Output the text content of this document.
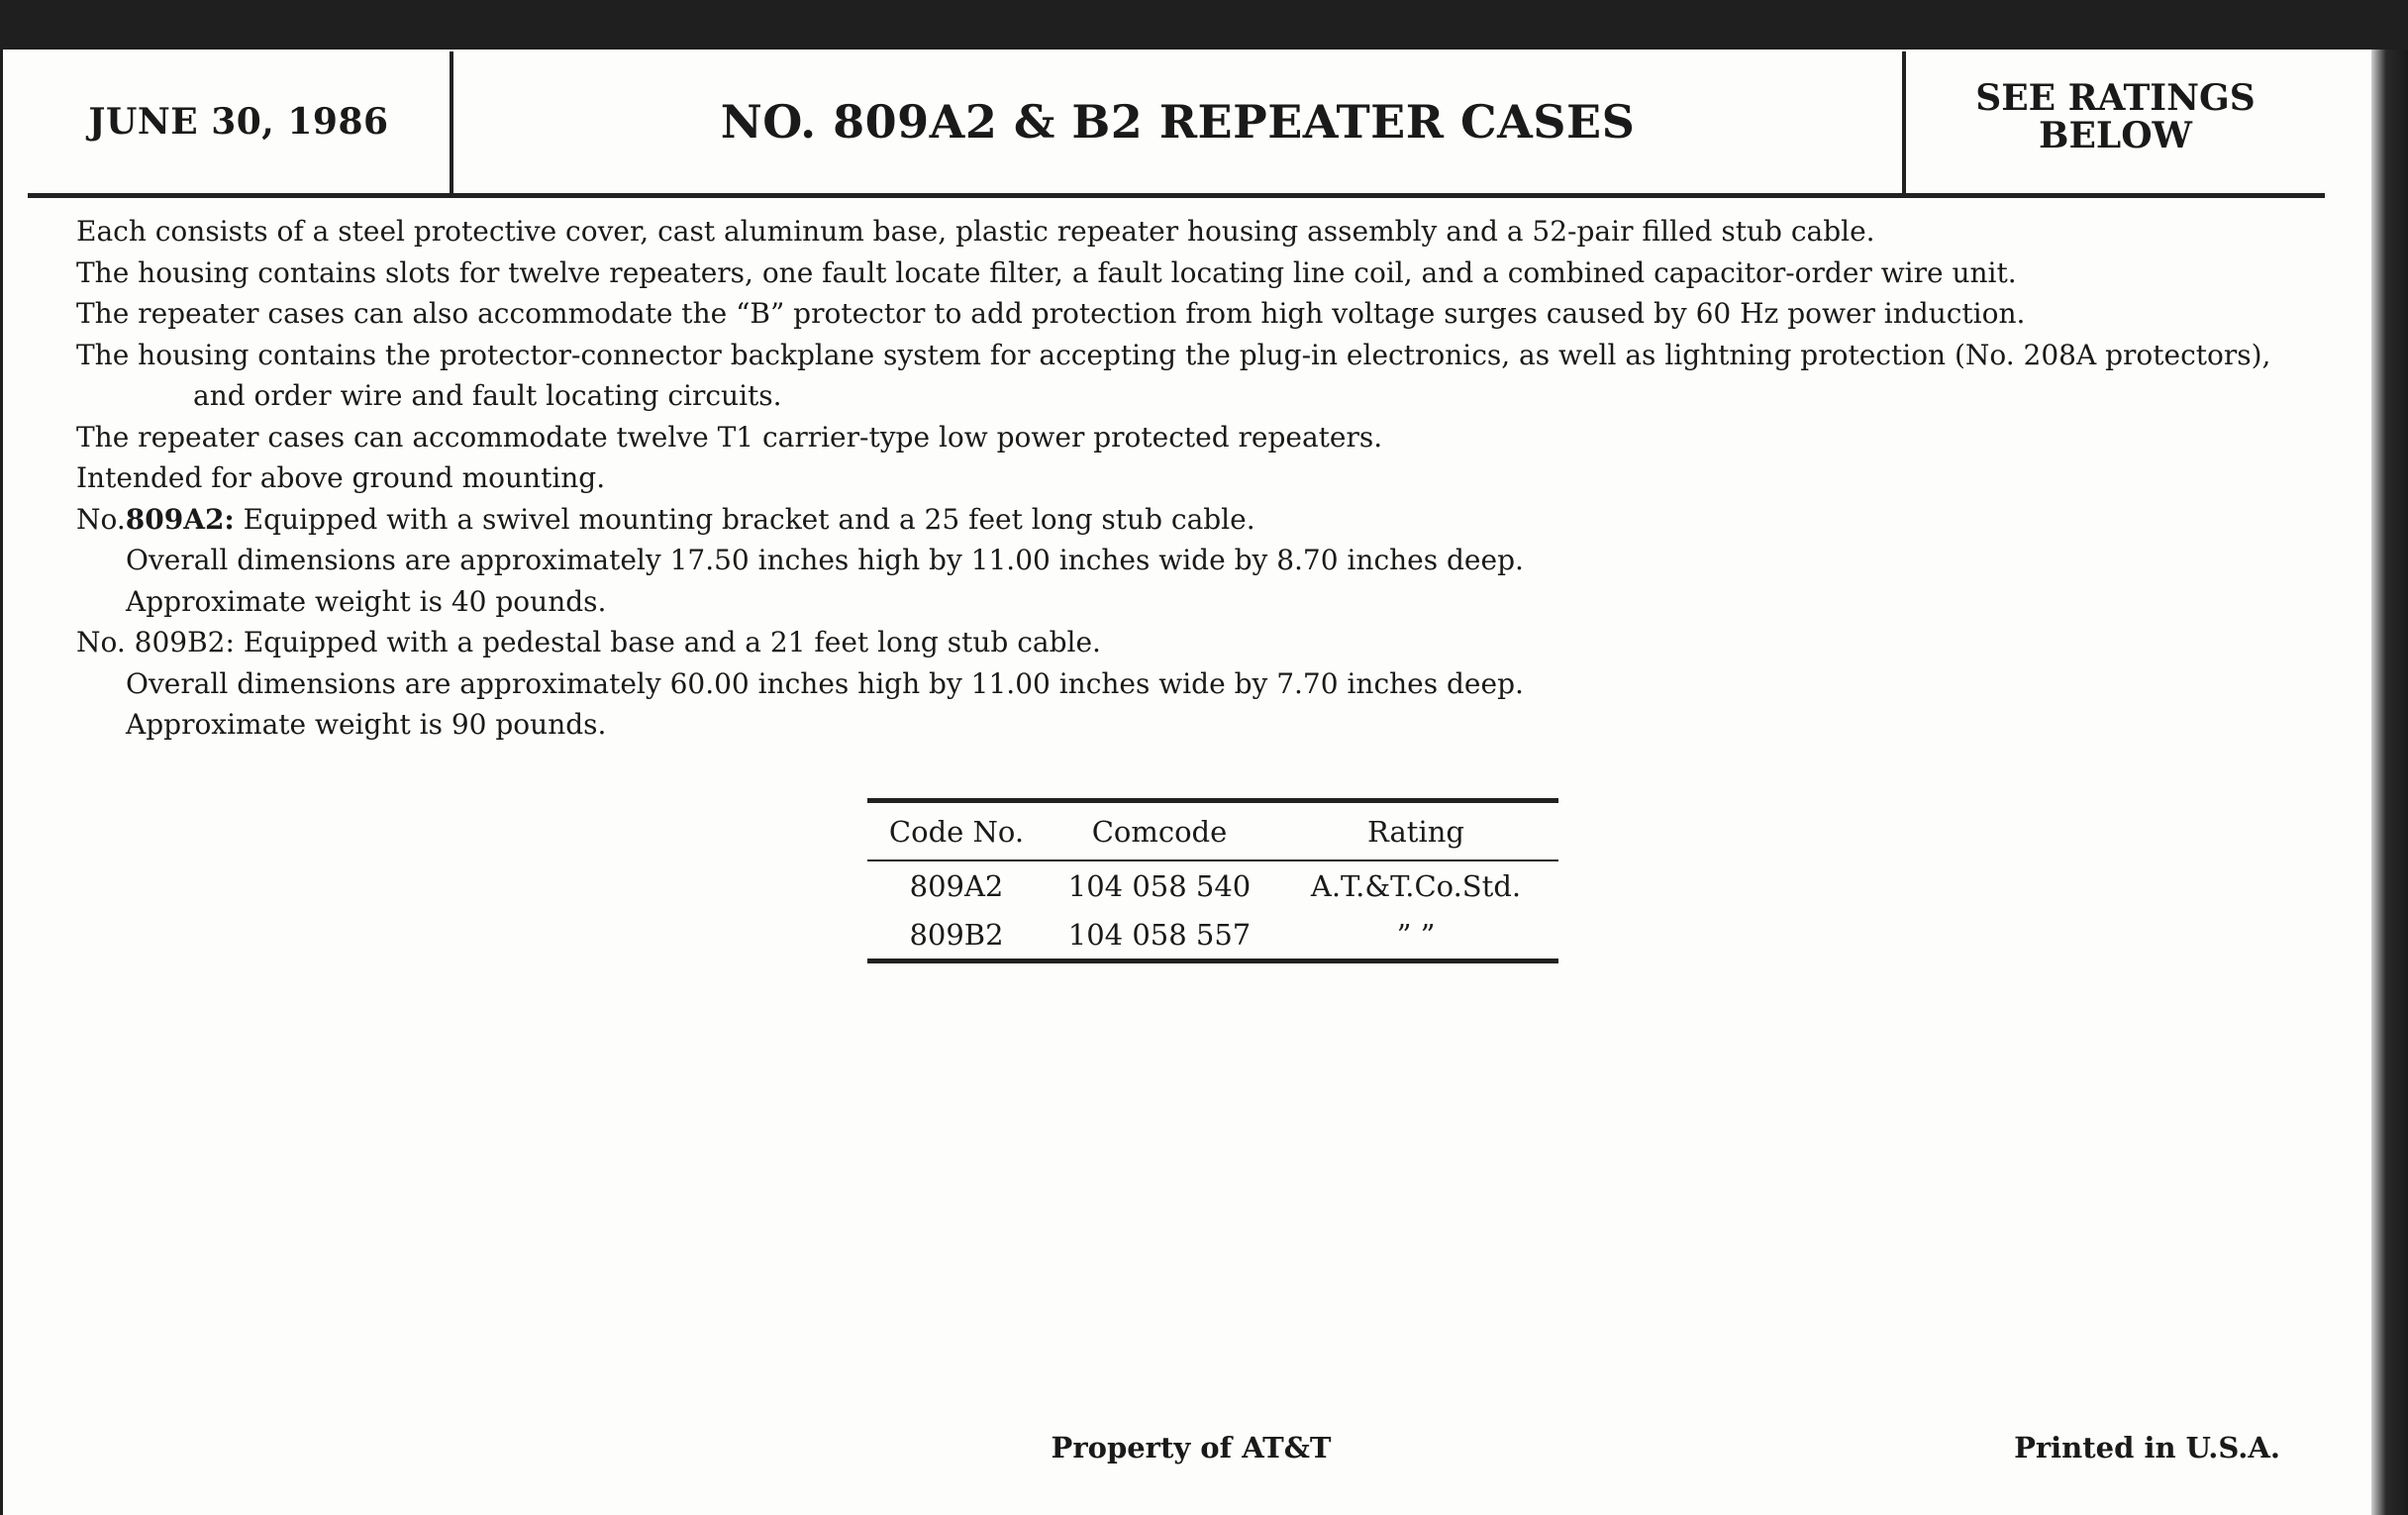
JUNE 30, 1986	NO. 809A2 & B2 REPEATER CASES	SEE RATINGS
BELOW

Each consists of a steel protective cover, cast aluminum base, plastic repeater housing assembly and a 52-pair filled stub cable.

The housing contains slots for twelve repeaters, one fault locate filter, a fault locating line coil, and a combined capacitor-order wire unit.

The repeater cases can also accommodate the “B” protector to add protection from high voltage surges caused by 60 Hz power induction.

The housing contains the protector-connector backplane system for accepting the plug-in electronics, as well as lightning protection (No. 208A protectors), and order wire and fault locating circuits.

The repeater cases can accommodate twelve T1 carrier-type low power protected repeaters.

Intended for above ground mounting.

No.809A2: Equipped with a swivel mounting bracket and a 25 feet long stub cable.

Overall dimensions are approximately 17.50 inches high by 11.00 inches wide by 8.70 inches deep.

Approximate weight is 40 pounds.

No. 809B2: Equipped with a pedestal base and a 21 feet long stub cable.

Overall dimensions are approximately 60.00 inches high by 11.00 inches wide by 7.70 inches deep.

Approximate weight is 90 pounds.

Code No.	Comcode	Rating
809A2	104 058 540	A.T.&T.Co.Std.
809B2	104 058 557	” ”
Property of AT&T	Printed in U.S.A.
